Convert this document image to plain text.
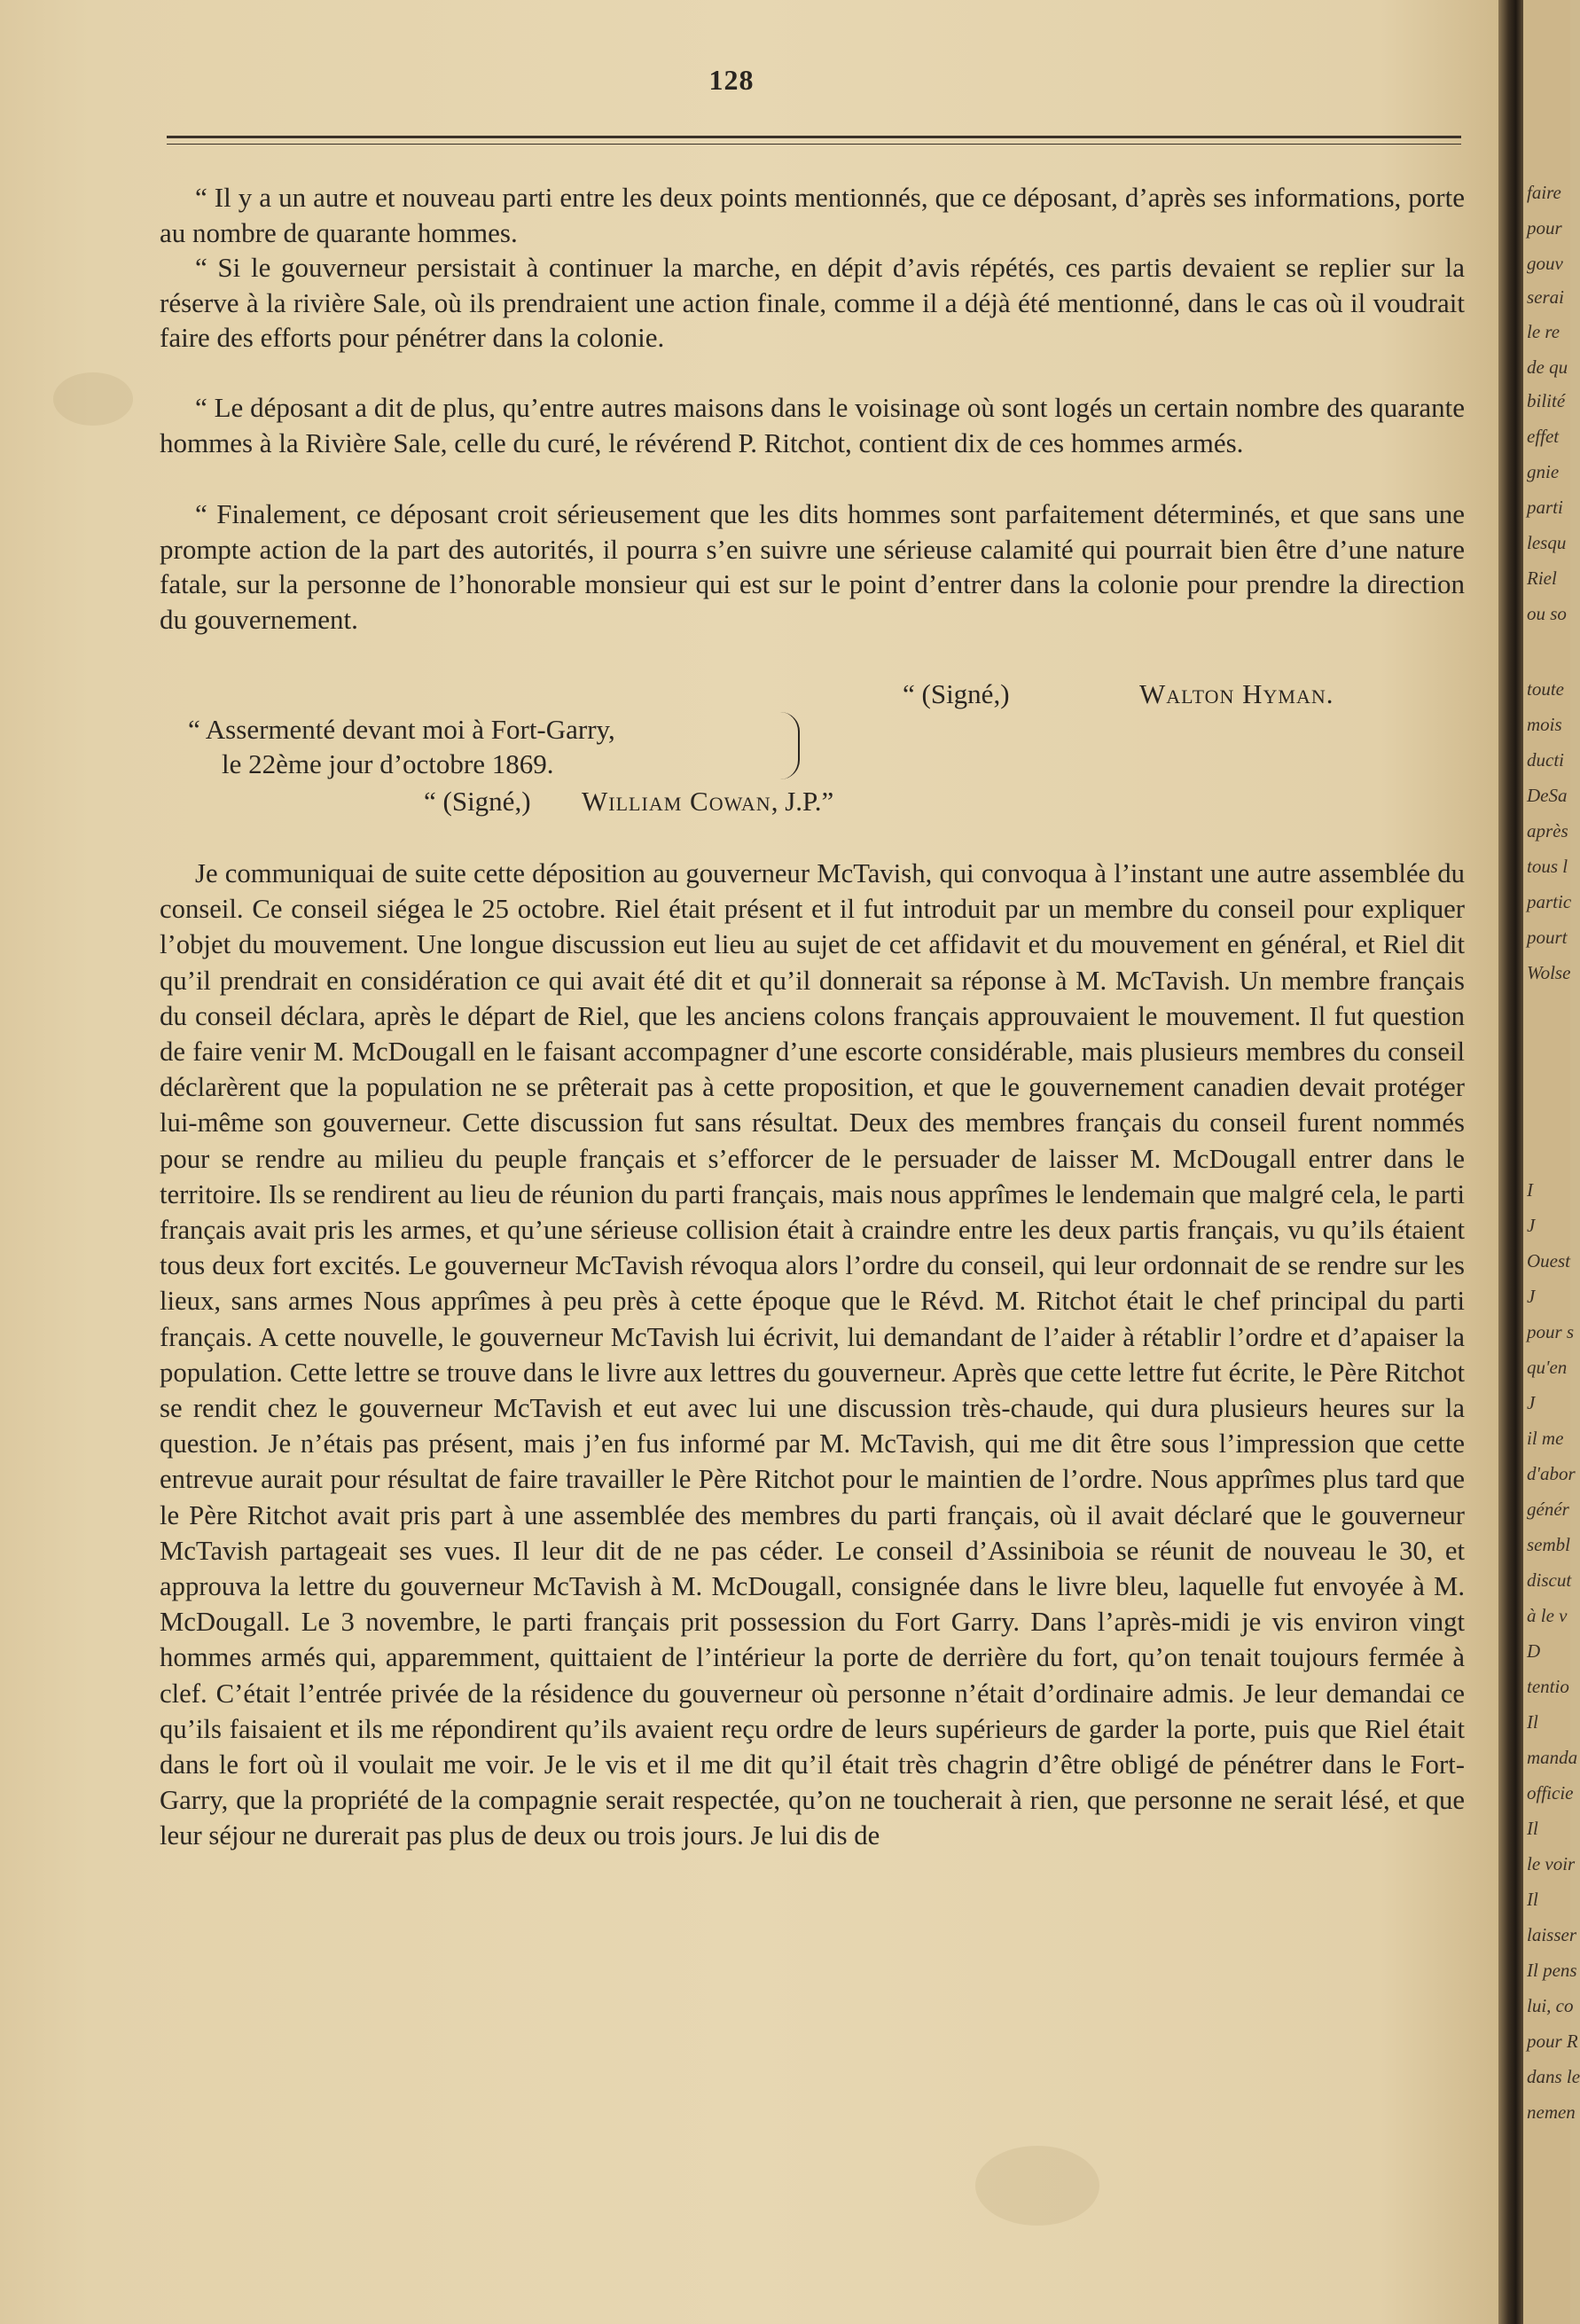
128

“ Il y a un autre et nouveau parti entre les deux points mentionnés, que ce déposant, d’après ses informations, porte au nombre de quarante hommes.

“ Si le gouverneur persistait à continuer la marche, en dépit d’avis répétés, ces partis devaient se replier sur la réserve à la rivière Sale, où ils prendraient une action finale, comme il a déjà été mentionné, dans le cas où il voudrait faire des efforts pour pénétrer dans la colonie.

“ Le déposant a dit de plus, qu’entre autres maisons dans le voisinage où sont logés un certain nombre des quarante hommes à la Rivière Sale, celle du curé, le révérend P. Ritchot, contient dix de ces hommes armés.

“ Finalement, ce déposant croit sérieusement que les dits hommes sont parfaitement déterminés, et que sans une prompte action de la part des autorités, il pourra s’en suivre une sérieuse calamité qui pourrait bien être d’une nature fatale, sur la personne de l’honorable monsieur qui est sur le point d’entrer dans la colonie pour prendre la direction du gouvernement.

“ (Signé,)	Walton Hyman.
“ Assermenté devant moi à Fort-Garry,
le 22ème jour d’octobre 1869.
“ (Signé,) William Cowan, J.P.”

Je communiquai de suite cette déposition au gouverneur McTavish, qui convoqua à l’instant une autre assemblée du conseil. Ce conseil siégea le 25 octobre. Riel était présent et il fut introduit par un membre du conseil pour expliquer l’objet du mouvement. Une longue discussion eut lieu au sujet de cet affidavit et du mouvement en général, et Riel dit qu’il prendrait en considération ce qui avait été dit et qu’il donnerait sa réponse à M. McTavish. Un membre français du conseil déclara, après le départ de Riel, que les anciens colons français approuvaient le mouvement. Il fut question de faire venir M. McDougall en le faisant accompagner d’une escorte considérable, mais plusieurs membres du conseil déclarèrent que la population ne se prêterait pas à cette proposition, et que le gouvernement canadien devait protéger lui-même son gouverneur. Cette discussion fut sans résultat. Deux des membres français du conseil furent nommés pour se rendre au milieu du peuple français et s’efforcer de le persuader de laisser M. McDougall entrer dans le territoire. Ils se rendirent au lieu de réunion du parti français, mais nous apprîmes le lendemain que malgré cela, le parti français avait pris les armes, et qu’une sérieuse collision était à craindre entre les deux partis français, vu qu’ils étaient tous deux fort excités. Le gouverneur McTavish révoqua alors l’ordre du conseil, qui leur ordonnait de se rendre sur les lieux, sans armes Nous apprîmes à peu près à cette époque que le Révd. M. Ritchot était le chef principal du parti français. A cette nouvelle, le gouverneur McTavish lui écrivit, lui demandant de l’aider à rétablir l’ordre et d’apaiser la population. Cette lettre se trouve dans le livre aux lettres du gouverneur. Après que cette lettre fut écrite, le Père Ritchot se rendit chez le gouverneur McTavish et eut avec lui une discussion très-chaude, qui dura plusieurs heures sur la question. Je n’étais pas présent, mais j’en fus informé par M. McTavish, qui me dit être sous l’impression que cette entrevue aurait pour résultat de faire travailler le Père Ritchot pour le maintien de l’ordre. Nous apprîmes plus tard que le Père Ritchot avait pris part à une assemblée des membres du parti français, où il avait déclaré que le gouverneur McTavish partageait ses vues. Il leur dit de ne pas céder. Le conseil d’Assiniboia se réunit de nouveau le 30, et approuva la lettre du gouverneur McTavish à M. McDougall, consignée dans le livre bleu, laquelle fut envoyée à M. McDougall. Le 3 novembre, le parti français prit possession du Fort Garry. Dans l’après-midi je vis environ vingt hommes armés qui, apparemment, quittaient de l’intérieur la porte de derrière du fort, qu’on tenait toujours fermée à clef. C’était l’entrée privée de la résidence du gouverneur où personne n’était d’ordinaire admis. Je leur demandai ce qu’ils faisaient et ils me répondirent qu’ils avaient reçu ordre de leurs supérieurs de garder la porte, puis que Riel était dans le fort où il voulait me voir. Je le vis et il me dit qu’il était très chagrin d’être obligé de pénétrer dans le Fort-Garry, que la propriété de la compagnie serait respectée, qu’on ne toucherait à rien, que personne ne serait lésé, et que leur séjour ne durerait pas plus de deux ou trois jours. Je lui dis de

faire
pour
gouv
serai
le re
de qu
bilité
effet
gnie
parti
lesqu
Riel
ou so
toute
mois
ducti
DeSa
après
tous l
partic
pourt
Wolse
I
J
Ouest
J
pour s
qu'en
J
il me
d'abor
génér
sembl
discut
à le v
D
tentio
Il
manda
officie
Il
le voir
Il
laisser
Il pens
lui, co
pour R
dans le
nemen
